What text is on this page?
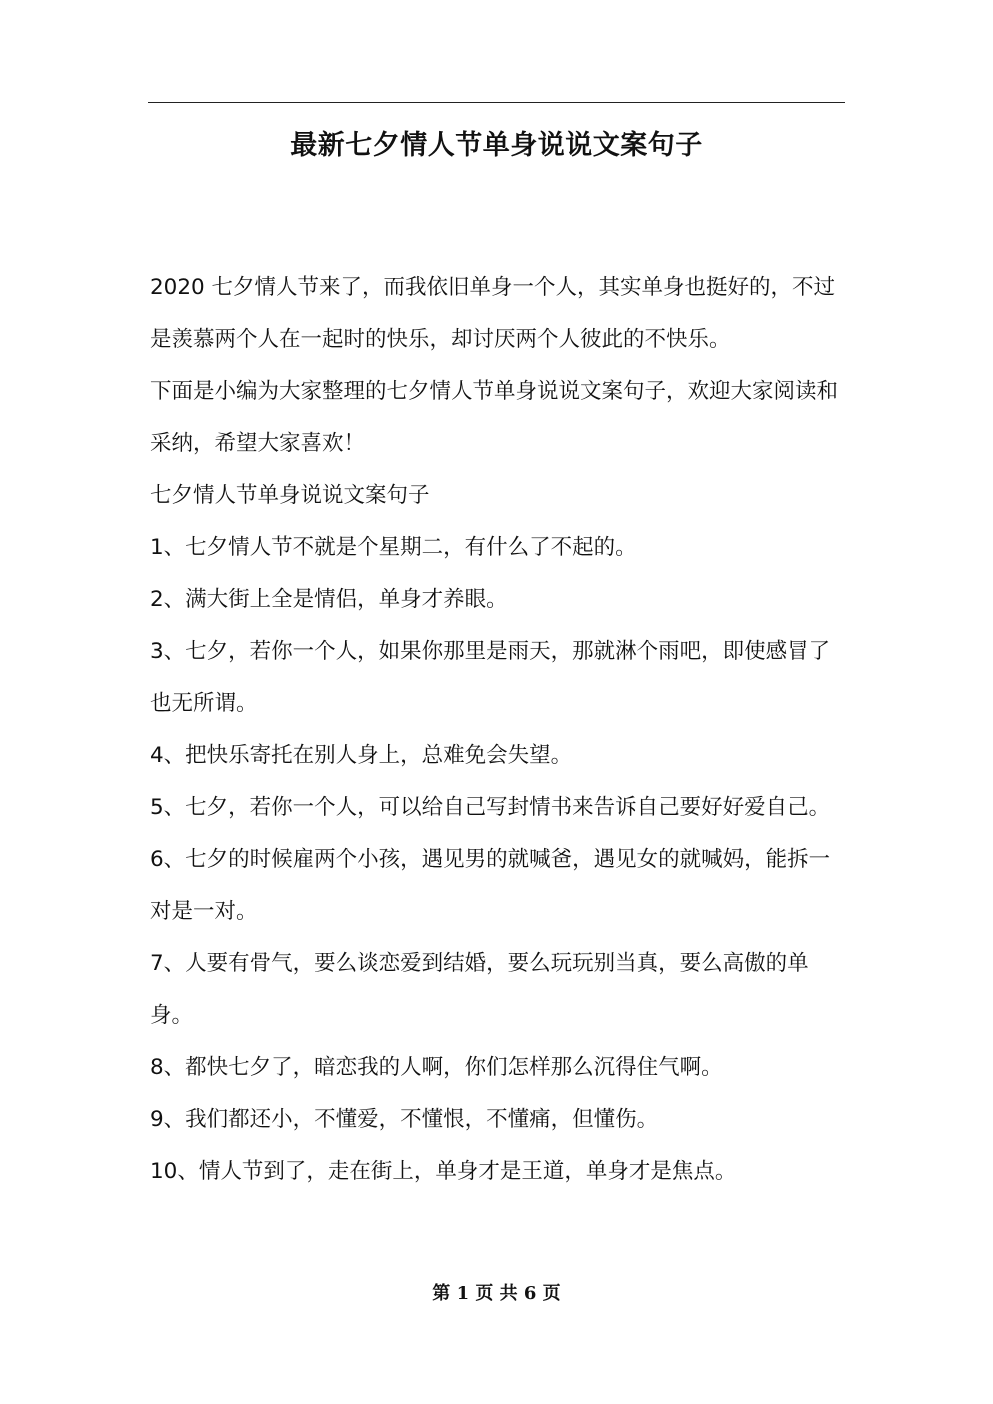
最新七夕情人节单身说说文案句子

2020 七夕情人节来了，而我依旧单身一个人，其实单身也挺好的，不过是羡慕两个人在一起时的快乐，却讨厌两个人彼此的不快乐。

下面是小编为大家整理的七夕情人节单身说说文案句子，欢迎大家阅读和采纳，希望大家喜欢！

七夕情人节单身说说文案句子

1、七夕情人节不就是个星期二，有什么了不起的。

2、满大街上全是情侣，单身才养眼。

3、七夕，若你一个人，如果你那里是雨天，那就淋个雨吧，即使感冒了也无所谓。

4、把快乐寄托在别人身上，总难免会失望。

5、七夕，若你一个人，可以给自己写封情书来告诉自己要好好爱自己。

6、七夕的时候雇两个小孩，遇见男的就喊爸，遇见女的就喊妈，能拆一对是一对。

7、人要有骨气，要么谈恋爱到结婚，要么玩玩别当真，要么高傲的单身。

8、都快七夕了，暗恋我的人啊，你们怎样那么沉得住气啊。

9、我们都还小，不懂爱，不懂恨，不懂痛，但懂伤。

10、情人节到了，走在街上，单身才是王道，单身才是焦点。

第 1 页 共 6 页
